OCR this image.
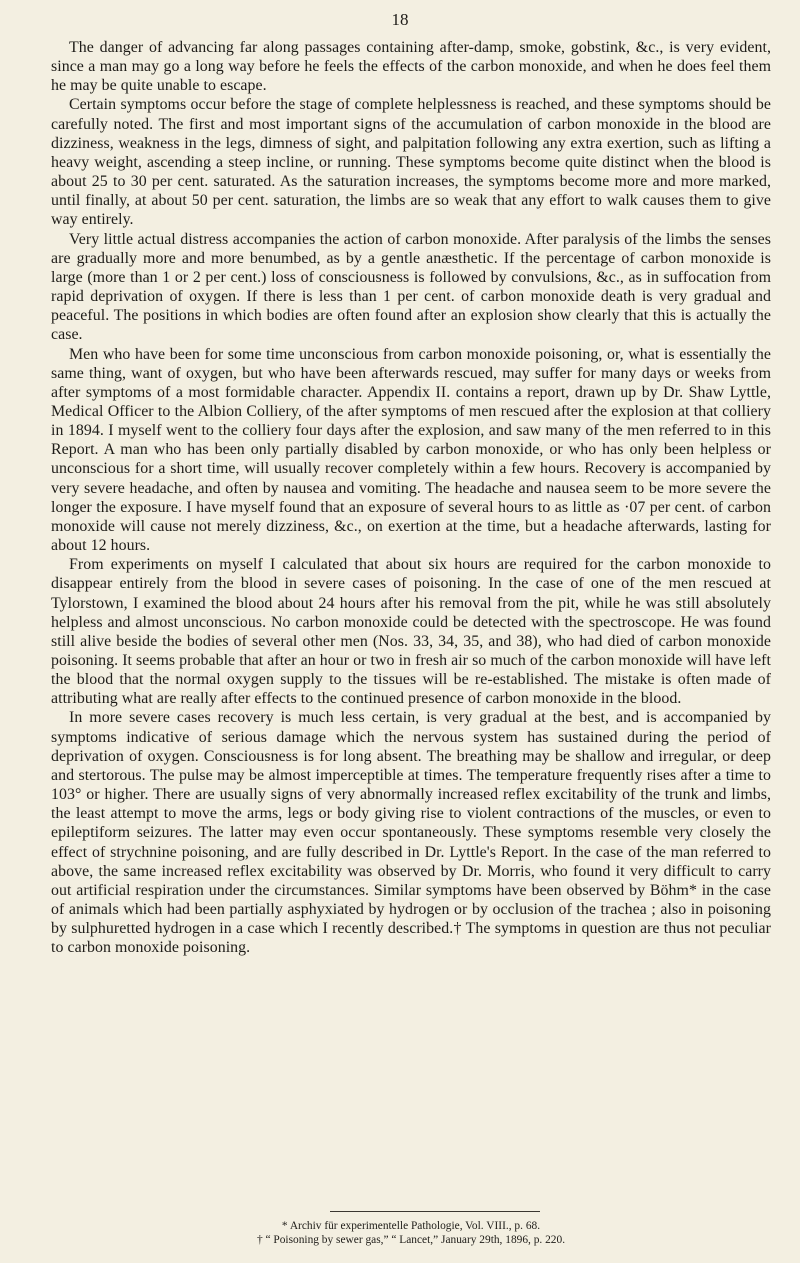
18

The danger of advancing far along passages containing after-damp, smoke, gobstink, &c., is very evident, since a man may go a long way before he feels the effects of the carbon monoxide, and when he does feel them he may be quite unable to escape.

Certain symptoms occur before the stage of complete helplessness is reached, and these symptoms should be carefully noted. The first and most important signs of the accumulation of carbon monoxide in the blood are dizziness, weakness in the legs, dimness of sight, and palpitation following any extra exertion, such as lifting a heavy weight, ascending a steep incline, or running. These symptoms become quite distinct when the blood is about 25 to 30 per cent. saturated. As the saturation increases, the symptoms become more and more marked, until finally, at about 50 per cent. saturation, the limbs are so weak that any effort to walk causes them to give way entirely.

Very little actual distress accompanies the action of carbon monoxide. After paralysis of the limbs the senses are gradually more and more benumbed, as by a gentle anæsthetic. If the percentage of carbon monoxide is large (more than 1 or 2 per cent.) loss of consciousness is followed by convulsions, &c., as in suffocation from rapid deprivation of oxygen. If there is less than 1 per cent. of carbon monoxide death is very gradual and peaceful. The positions in which bodies are often found after an explosion show clearly that this is actually the case.

Men who have been for some time unconscious from carbon monoxide poisoning, or, what is essentially the same thing, want of oxygen, but who have been afterwards rescued, may suffer for many days or weeks from after symptoms of a most formidable character. Appendix II. contains a report, drawn up by Dr. Shaw Lyttle, Medical Officer to the Albion Colliery, of the after symptoms of men rescued after the explosion at that colliery in 1894. I myself went to the colliery four days after the explosion, and saw many of the men referred to in this Report. A man who has been only partially disabled by carbon monoxide, or who has only been helpless or unconscious for a short time, will usually recover completely within a few hours. Recovery is accompanied by very severe headache, and often by nausea and vomiting. The headache and nausea seem to be more severe the longer the exposure. I have myself found that an exposure of several hours to as little as ·07 per cent. of carbon monoxide will cause not merely dizziness, &c., on exertion at the time, but a headache afterwards, lasting for about 12 hours.

From experiments on myself I calculated that about six hours are required for the carbon monoxide to disappear entirely from the blood in severe cases of poisoning. In the case of one of the men rescued at Tylorstown, I examined the blood about 24 hours after his removal from the pit, while he was still absolutely helpless and almost unconscious. No carbon monoxide could be detected with the spectroscope. He was found still alive beside the bodies of several other men (Nos. 33, 34, 35, and 38), who had died of carbon monoxide poisoning. It seems probable that after an hour or two in fresh air so much of the carbon monoxide will have left the blood that the normal oxygen supply to the tissues will be re-established. The mistake is often made of attributing what are really after effects to the continued presence of carbon monoxide in the blood.

In more severe cases recovery is much less certain, is very gradual at the best, and is accompanied by symptoms indicative of serious damage which the nervous system has sustained during the period of deprivation of oxygen. Consciousness is for long absent. The breathing may be shallow and irregular, or deep and stertorous. The pulse may be almost imperceptible at times. The temperature frequently rises after a time to 103° or higher. There are usually signs of very abnormally increased reflex excitability of the trunk and limbs, the least attempt to move the arms, legs or body giving rise to violent contractions of the muscles, or even to epileptiform seizures. The latter may even occur spontaneously. These symptoms resemble very closely the effect of strychnine poisoning, and are fully described in Dr. Lyttle's Report. In the case of the man referred to above, the same increased reflex excitability was observed by Dr. Morris, who found it very difficult to carry out artificial respiration under the circumstances. Similar symptoms have been observed by Böhm* in the case of animals which had been partially asphyxiated by hydrogen or by occlusion of the trachea ; also in poisoning by sulphuretted hydrogen in a case which I recently described.† The symptoms in question are thus not peculiar to carbon monoxide poisoning.

* Archiv für experimentelle Pathologie, Vol. VIII., p. 68.

† “ Poisoning by sewer gas,” “ Lancet,” January 29th, 1896, p. 220.
